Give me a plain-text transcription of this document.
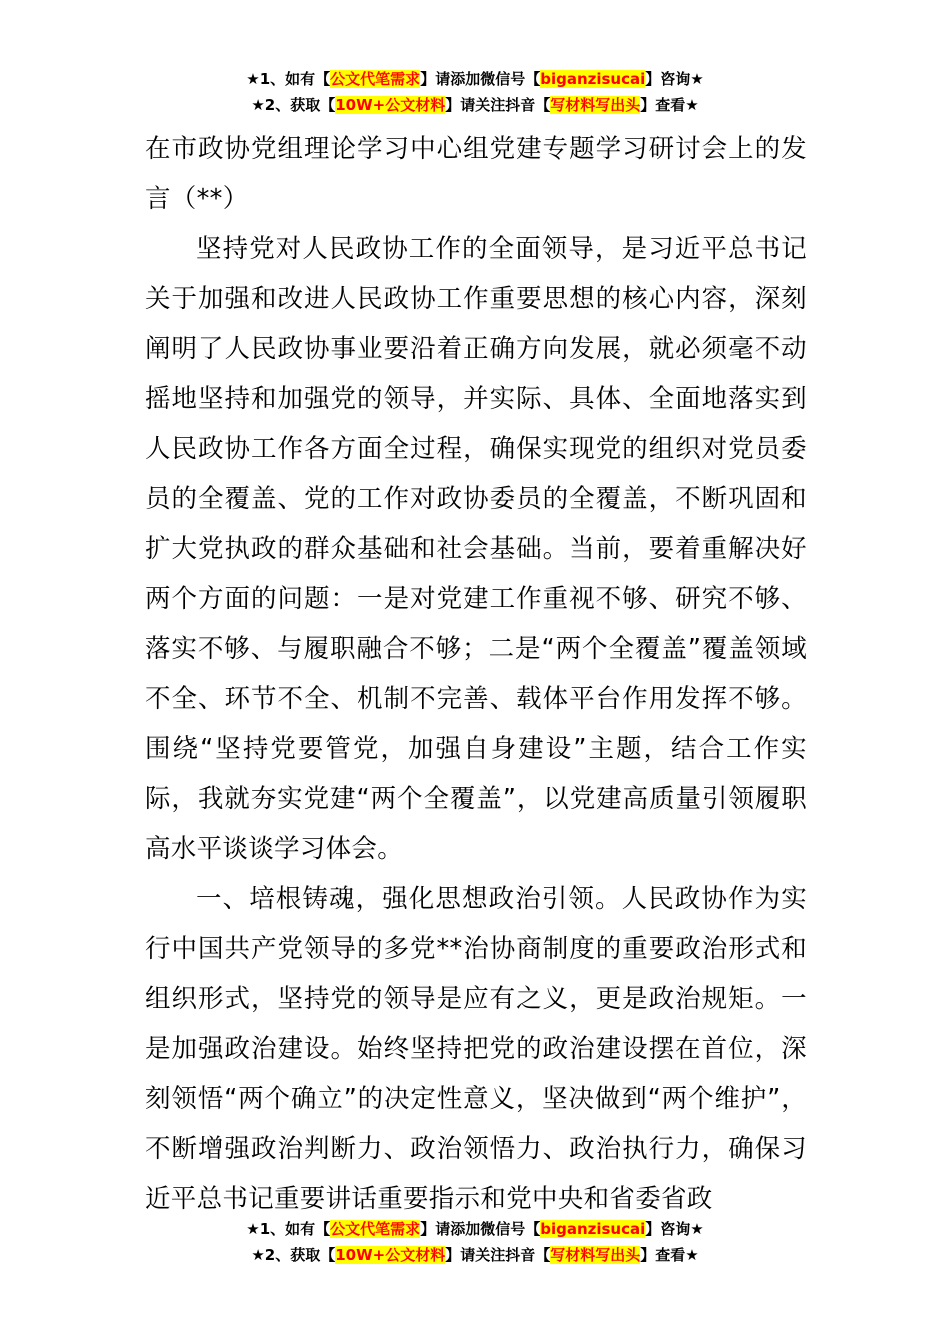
★1、如有【公文代笔需求】请添加微信号【biganzisucai】咨询★
★2、获取【10W+公文材料】请关注抖音【写材料写出头】查看★

在市政协党组理论学习中心组党建专题学习研讨会上的发言（**）

坚持党对人民政协工作的全面领导，是习近平总书记关于加强和改进人民政协工作重要思想的核心内容，深刻阐明了人民政协事业要沿着正确方向发展，就必须毫不动摇地坚持和加强党的领导，并实际、具体、全面地落实到人民政协工作各方面全过程，确保实现党的组织对党员委员的全覆盖、党的工作对政协委员的全覆盖，不断巩固和扩大党执政的群众基础和社会基础。当前，要着重解决好两个方面的问题：一是对党建工作重视不够、研究不够、落实不够、与履职融合不够；二是“两个全覆盖”覆盖领域不全、环节不全、机制不完善、载体平台作用发挥不够。围绕“坚持党要管党，加强自身建设”主题，结合工作实际，我就夯实党建“两个全覆盖”，以党建高质量引领履职高水平谈谈学习体会。

一、培根铸魂，强化思想政治引领。人民政协作为实行中国共产党领导的多党**治协商制度的重要政治形式和组织形式，坚持党的领导是应有之义，更是政治规矩。一是加强政治建设。始终坚持把党的政治建设摆在首位，深刻领悟“两个确立”的决定性意义，坚决做到“两个维护”，不断增强政治判断力、政治领悟力、政治执行力，确保习近平总书记重要讲话重要指示和党中央和省委省政

★1、如有【公文代笔需求】请添加微信号【biganzisucai】咨询★
★2、获取【10W+公文材料】请关注抖音【写材料写出头】查看★
